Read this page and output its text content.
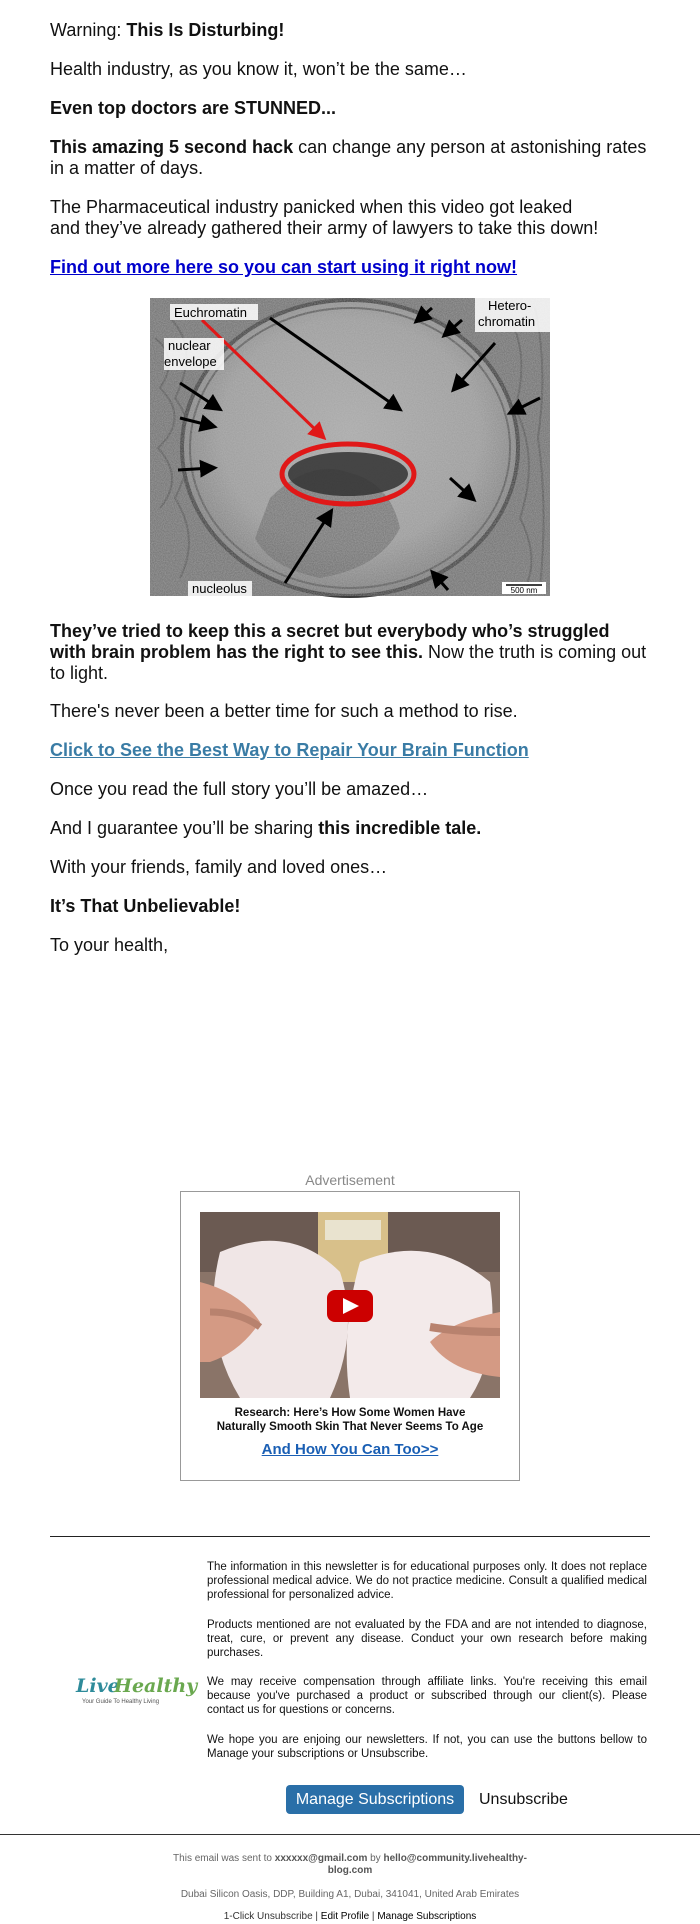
Warning: This Is Disturbing!

Health industry, as you know it, won’t be the same…

Even top doctors are STUNNED...

This amazing 5 second hack can change any person at astonishing rates in a matter of days.

The Pharmaceutical industry panicked when this video got leaked
and they’ve already gathered their army of lawyers to take this down!

Find out more here so you can start using it right now!

They’ve tried to keep this a secret but everybody who’s struggled with brain problem has the right to see this. Now the truth is coming out to light.

There's never been a better time for such a method to rise.

Click to See the Best Way to Repair Your Brain Function

Once you read the full story you’ll be amazed…

And I guarantee you’ll be sharing this incredible tale.

With your friends, family and loved ones…

It’s That Unbelievable!

To your health,

Euchromatin	Hetero-
chromatin
nuclear
envelope
nucleolus	500 nm
Advertisement
Research: Here’s How Some Women Have
Naturally Smooth Skin That Never Seems To Age
And How You Can Too>>
Live
Healthy
Your Guide To Healthy Living
The information in this newsletter is for educational purposes only. It does not replace professional medical advice. We do not practice medicine. Consult a qualified medical professional for personalized advice.
Products mentioned are not evaluated by the FDA and are not intended to diagnose, treat, cure, or prevent any disease. Conduct your own research before making purchases.
We may receive compensation through affiliate links. You're receiving this email because you've purchased a product or subscribed through our client(s). Please contact us for questions or concerns.
We hope you are enjoing our newsletters. If not, you can use the buttons bellow to Manage your subscriptions or Unsubscribe.
Manage Subscriptions	Unsubscribe
This email was sent to xxxxxx@gmail.com by hello@community.livehealthy-
blog.com
Dubai Silicon Oasis, DDP, Building A1, Dubai, 341041, United Arab Emirates
1-Click Unsubscribe | Edit Profile | Manage Subscriptions
